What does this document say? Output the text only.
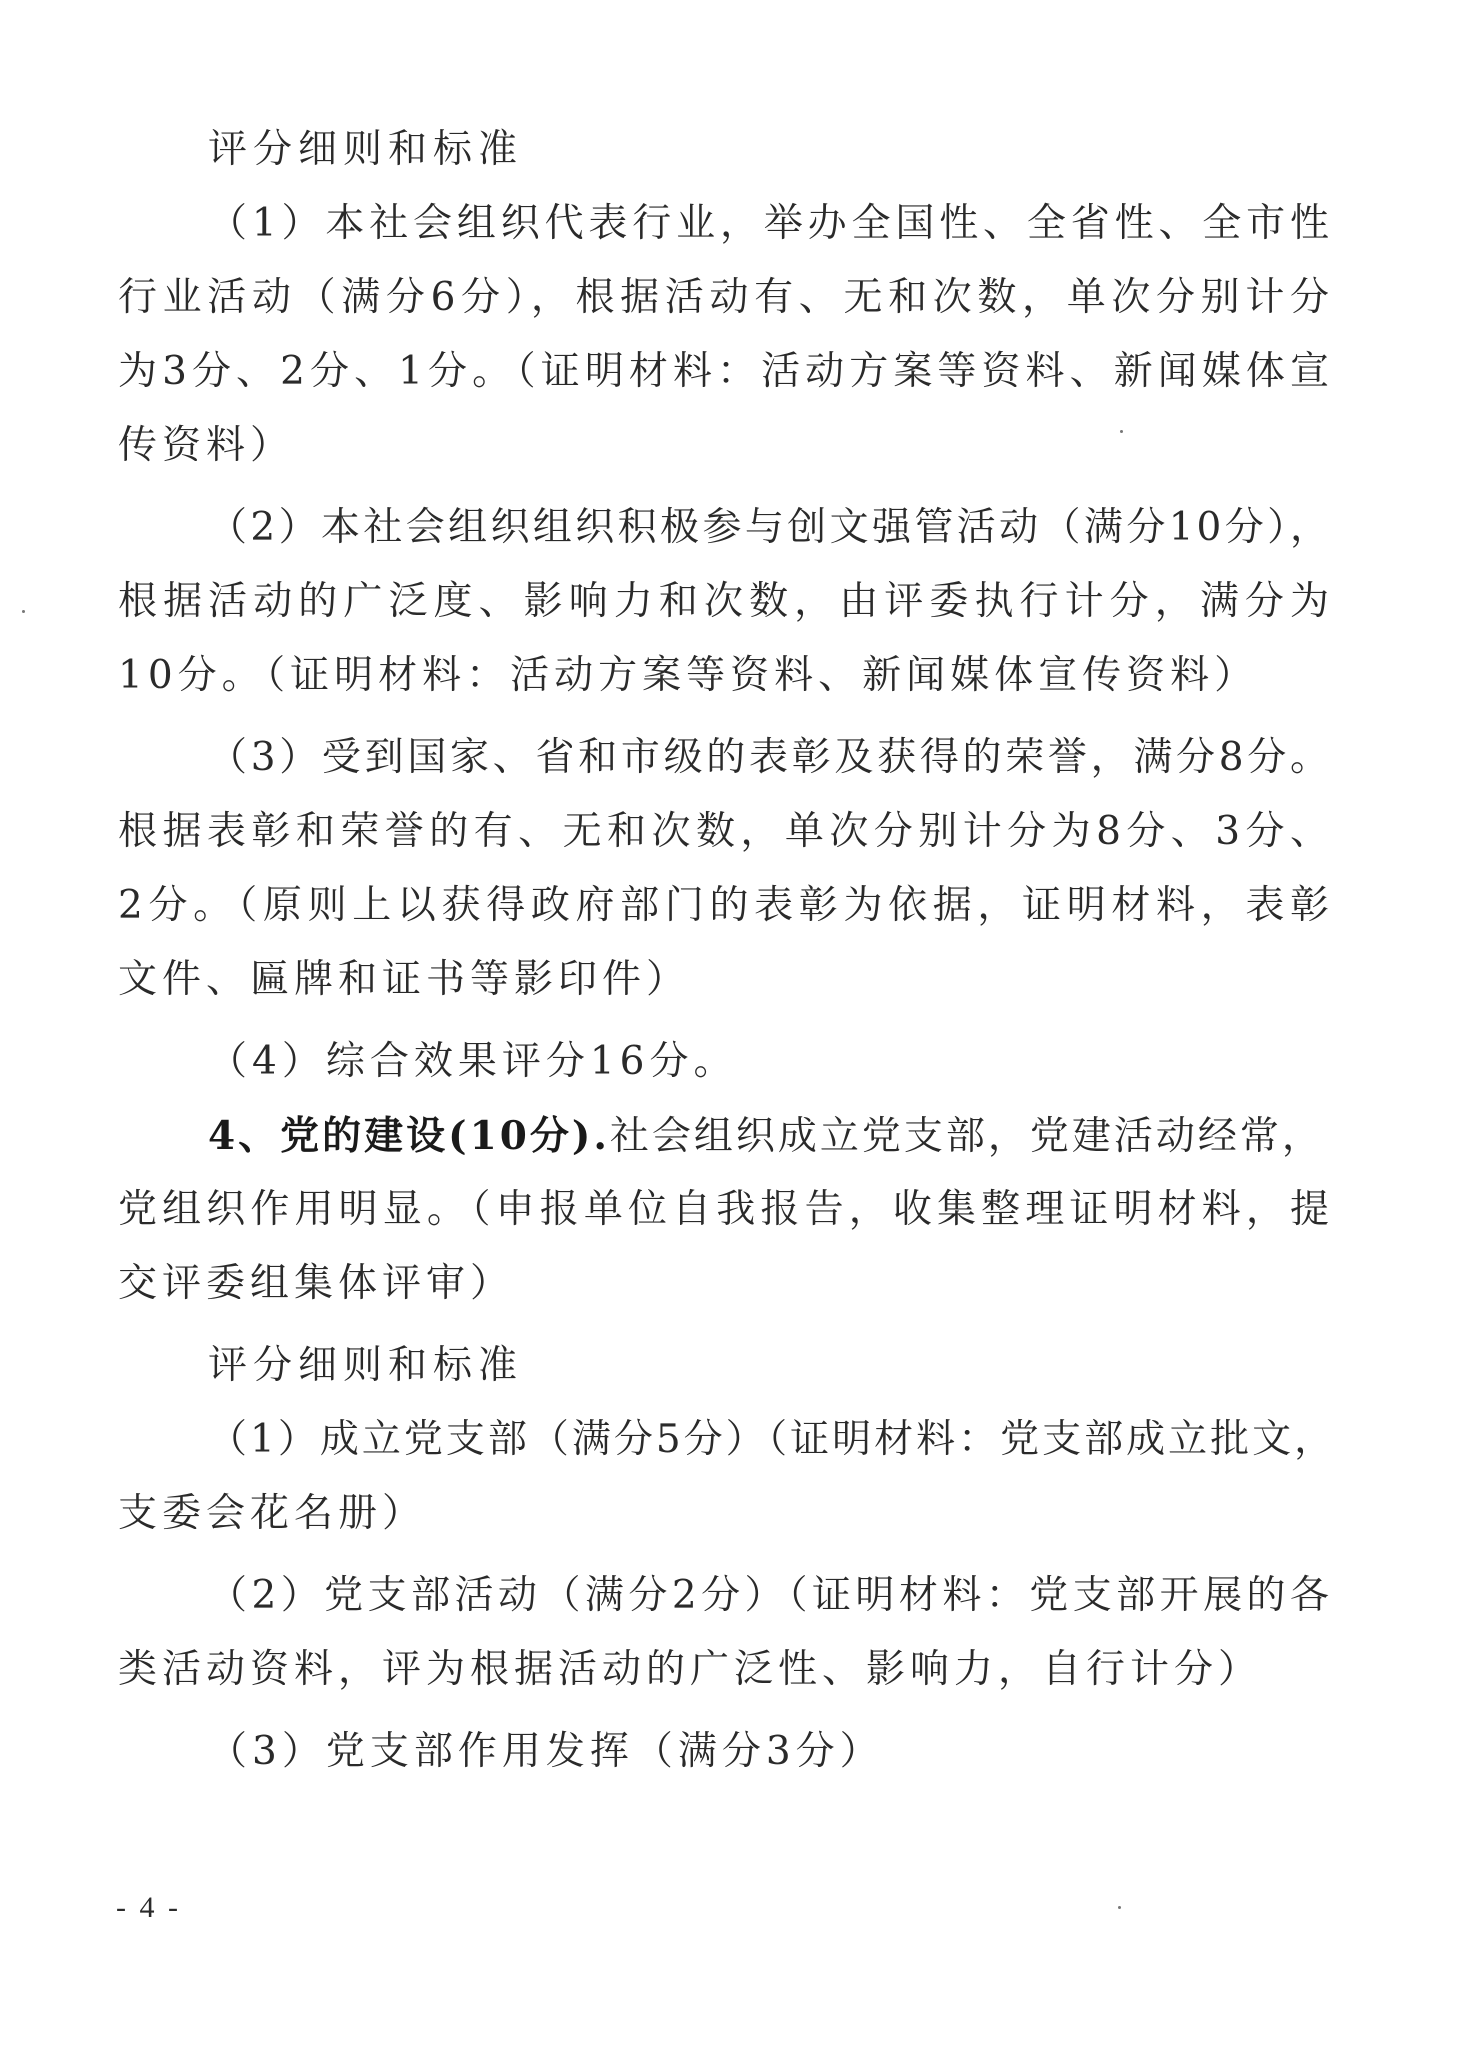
评分细则和标准
（1）本社会组织代表行业，举办全国性、全省性、全市性
行业活动（满分6分），根据活动有、无和次数，单次分别计分
为3分、2分、1分。（证明材料：活动方案等资料、新闻媒体宣
传资料）
（2）本社会组织组织积极参与创文强管活动（满分10分），
根据活动的广泛度、影响力和次数，由评委执行计分，满分为
10分。（证明材料：活动方案等资料、新闻媒体宣传资料）
（3）受到国家、省和市级的表彰及获得的荣誉，满分8分。
根据表彰和荣誉的有、无和次数，单次分别计分为8分、3分、
2分。（原则上以获得政府部门的表彰为依据，证明材料，表彰
文件、匾牌和证书等影印件）
（4）综合效果评分16分。
4、党的建设(10分).社会组织成立党支部，党建活动经常，
党组织作用明显。（申报单位自我报告，收集整理证明材料，提
交评委组集体评审）
评分细则和标准
（1）成立党支部（满分5分）（证明材料：党支部成立批文，
支委会花名册）
（2）党支部活动（满分2分）（证明材料：党支部开展的各
类活动资料，评为根据活动的广泛性、影响力，自行计分）
（3）党支部作用发挥（满分3分）
- 4 -
